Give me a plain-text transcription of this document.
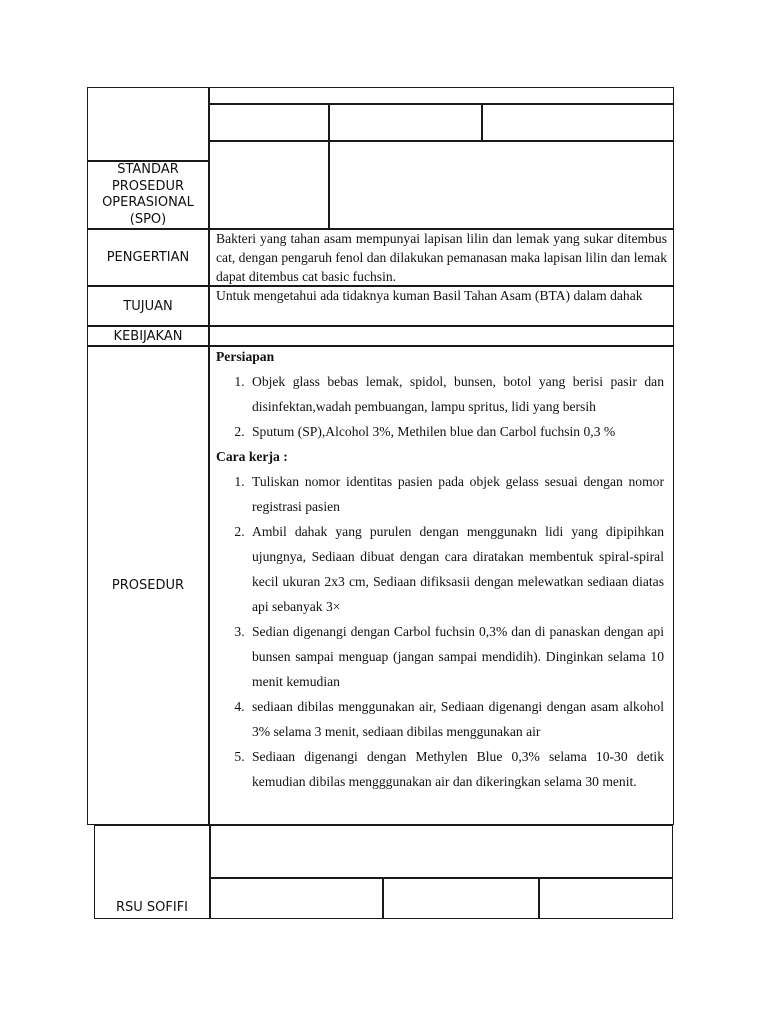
STANDAR
PROSEDUR
OPERASIONAL
(SPO)
PENGERTIAN
Bakteri yang tahan asam mempunyai lapisan lilin dan lemak yang sukar ditembus cat, dengan pengaruh fenol dan dilakukan pemanasan maka lapisan lilin dan lemak dapat ditembus cat basic fuchsin.
TUJUAN
Untuk mengetahui ada tidaknya kuman Basil Tahan Asam (BTA) dalam dahak
KEBIJAKAN
PROSEDUR
Persiapan
1. Objek glass bebas lemak, spidol, bunsen, botol yang berisi pasir dan disinfektan,wadah pembuangan, lampu spritus, lidi yang bersih
2. Sputum (SP),Alcohol 3%, Methilen blue dan Carbol fuchsin 0,3 %
Cara kerja :
1. Tuliskan nomor identitas pasien pada objek gelass sesuai dengan nomor registrasi pasien
2. Ambil dahak yang purulen dengan menggunakn lidi yang dipipihkan ujungnya, Sediaan dibuat dengan cara diratakan membentuk spiral-spiral kecil ukuran 2x3 cm, Sediaan difiksasii dengan melewatkan sediaan diatas api sebanyak 3×
3. Sedian digenangi dengan Carbol fuchsin 0,3% dan di panaskan dengan api bunsen sampai menguap (jangan sampai mendidih). Dinginkan selama 10 menit kemudian
4. sediaan dibilas menggunakan air, Sediaan digenangi dengan asam alkohol 3% selama 3 menit, sediaan dibilas menggunakan air
5. Sediaan digenangi dengan Methylen Blue 0,3% selama 10-30 detik kemudian dibilas mengggunakan air dan dikeringkan selama 30 menit.
RSU SOFIFI
